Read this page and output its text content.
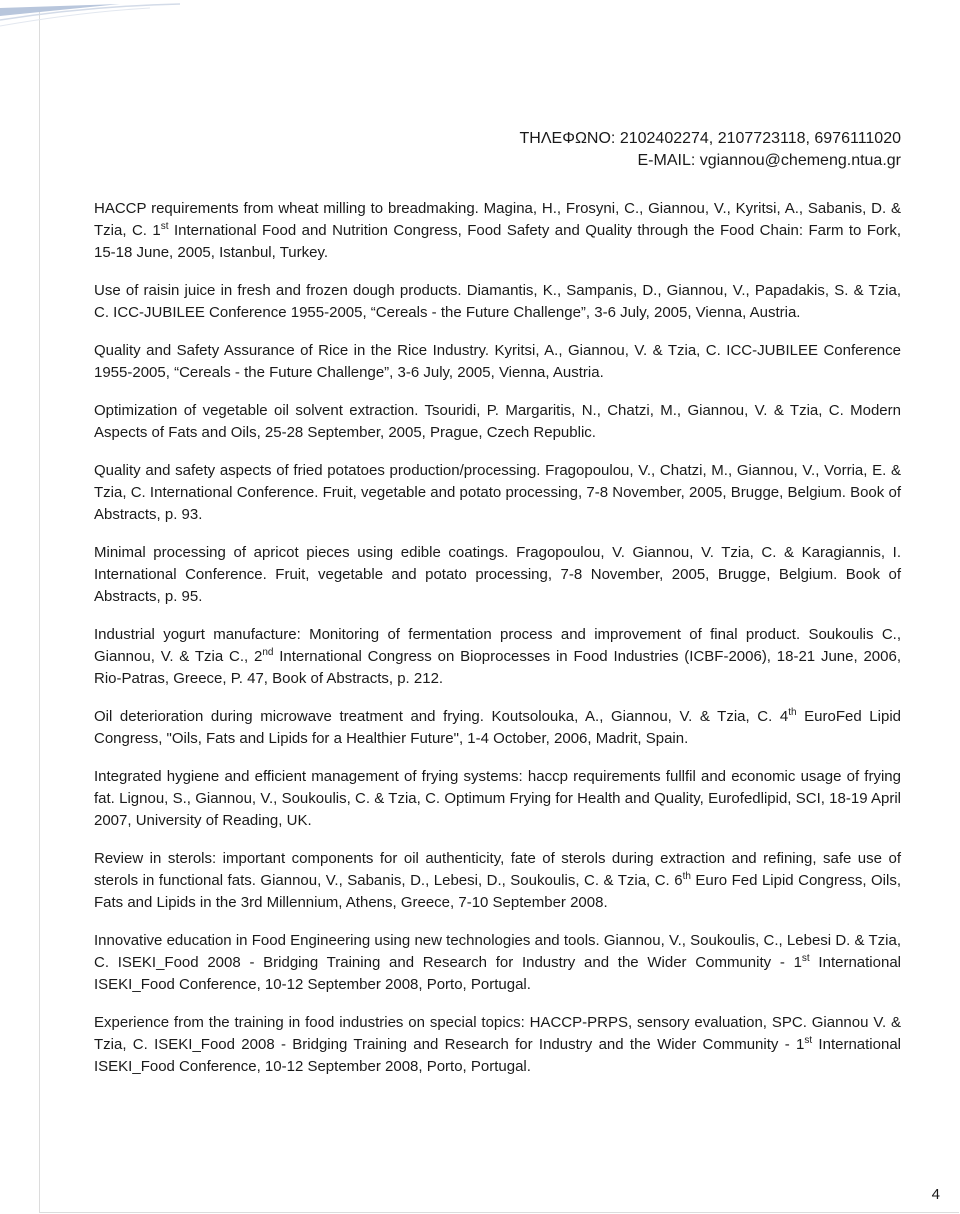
ΤΗΛΕΦΩΝΟ: 2102402274, 2107723118, 6976111020
E-MAIL: vgiannou@chemeng.ntua.gr

HACCP requirements from wheat milling to breadmaking. Magina, H., Frosyni, C., Giannou, V., Kyritsi, A., Sabanis, D. & Tzia, C. 1st International Food and Nutrition Congress, Food Safety and Quality through the Food Chain: Farm to Fork, 15-18 June, 2005, Istanbul, Turkey.

Use of raisin juice in fresh and frozen dough products. Diamantis, K., Sampanis, D., Giannou, V., Papadakis, S. & Tzia, C. ICC-JUBILEE Conference 1955-2005, “Cereals - the Future Challenge”, 3-6 July, 2005, Vienna, Austria.

Quality and Safety Assurance of Rice in the Rice Industry. Kyritsi, A., Giannou, V. & Tzia, C. ICC-JUBILEE Conference 1955-2005, “Cereals - the Future Challenge”, 3-6 July, 2005, Vienna, Austria.

Optimization of vegetable oil solvent extraction. Tsouridi, P. Margaritis, N., Chatzi, M., Giannou, V. & Tzia, C. Modern Aspects of Fats and Oils, 25-28 September, 2005, Prague, Czech Republic.

Quality and safety aspects of fried potatoes production/processing. Fragopoulou, V., Chatzi, M., Giannou, V., Vorria, E. & Tzia, C. International Conference. Fruit, vegetable and potato processing, 7-8 November, 2005, Brugge, Belgium. Book of Abstracts, p. 93.

Minimal processing of apricot pieces using edible coatings. Fragopoulou, V. Giannou, V. Tzia, C. & Karagiannis, I. International Conference. Fruit, vegetable and potato processing, 7-8 November, 2005, Brugge, Belgium. Book of Abstracts, p. 95.

Industrial yogurt manufacture: Monitoring of fermentation process and improvement of final product. Soukoulis C., Giannou, V. & Tzia C., 2nd International Congress on Bioprocesses in Food Industries (ICBF-2006), 18-21 June, 2006, Rio-Patras, Greece, P. 47, Book of Abstracts, p. 212.

Oil deterioration during microwave treatment and frying. Koutsolouka, A., Giannou, V. & Tzia, C. 4th EuroFed Lipid Congress, "Oils, Fats and Lipids for a Healthier Future", 1-4 October, 2006, Madrit, Spain.

Integrated hygiene and efficient management of frying systems: haccp requirements fullfil and economic usage of frying fat. Lignou, S., Giannou, V., Soukoulis, C. & Tzia, C. Optimum Frying for Health and Quality, Eurofedlipid, SCI, 18-19 April 2007, University of Reading, UK.

Review in sterols: important components for oil authenticity, fate of sterols during extraction and refining, safe use of sterols in functional fats. Giannou, V., Sabanis, D., Lebesi, D., Soukoulis, C. & Tzia, C. 6th Euro Fed Lipid Congress, Oils, Fats and Lipids in the 3rd Millennium, Athens, Greece, 7-10 September 2008.

Innovative education in Food Engineering using new technologies and tools. Giannou, V., Soukoulis, C., Lebesi D. & Tzia, C. ISEKI_Food 2008 - Bridging Training and Research for Industry and the Wider Community - 1st International ISEKI_Food Conference, 10-12 September 2008, Porto, Portugal.

Experience from the training in food industries on special topics: HACCP-PRPS, sensory evaluation, SPC. Giannou V. & Tzia, C. ISEKI_Food 2008 - Bridging Training and Research for Industry and the Wider Community - 1st International ISEKI_Food Conference, 10-12 September 2008, Porto, Portugal.

4
